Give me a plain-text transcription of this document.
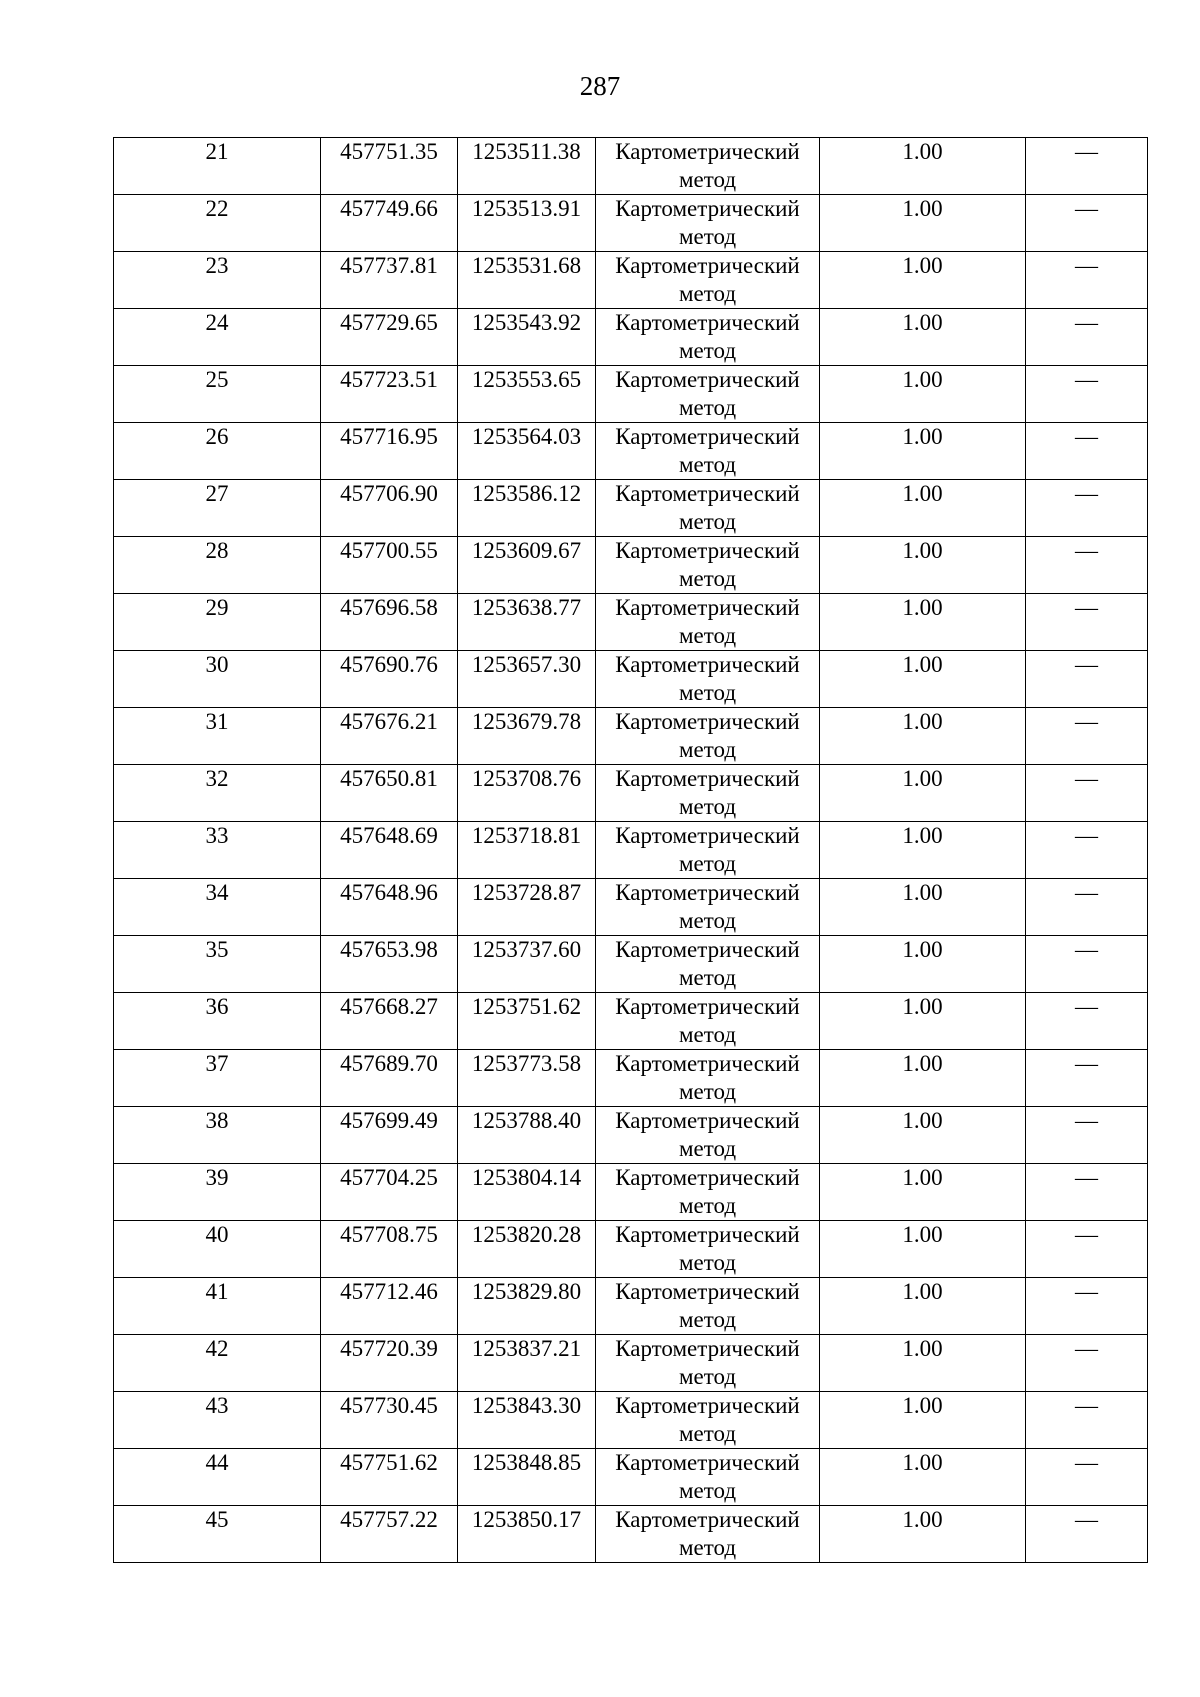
287
21	457751.35	1253511.38	Картометрический метод	1.00	—
22	457749.66	1253513.91	Картометрический метод	1.00	—
23	457737.81	1253531.68	Картометрический метод	1.00	—
24	457729.65	1253543.92	Картометрический метод	1.00	—
25	457723.51	1253553.65	Картометрический метод	1.00	—
26	457716.95	1253564.03	Картометрический метод	1.00	—
27	457706.90	1253586.12	Картометрический метод	1.00	—
28	457700.55	1253609.67	Картометрический метод	1.00	—
29	457696.58	1253638.77	Картометрический метод	1.00	—
30	457690.76	1253657.30	Картометрический метод	1.00	—
31	457676.21	1253679.78	Картометрический метод	1.00	—
32	457650.81	1253708.76	Картометрический метод	1.00	—
33	457648.69	1253718.81	Картометрический метод	1.00	—
34	457648.96	1253728.87	Картометрический метод	1.00	—
35	457653.98	1253737.60	Картометрический метод	1.00	—
36	457668.27	1253751.62	Картометрический метод	1.00	—
37	457689.70	1253773.58	Картометрический метод	1.00	—
38	457699.49	1253788.40	Картометрический метод	1.00	—
39	457704.25	1253804.14	Картометрический метод	1.00	—
40	457708.75	1253820.28	Картометрический метод	1.00	—
41	457712.46	1253829.80	Картометрический метод	1.00	—
42	457720.39	1253837.21	Картометрический метод	1.00	—
43	457730.45	1253843.30	Картометрический метод	1.00	—
44	457751.62	1253848.85	Картометрический метод	1.00	—
45	457757.22	1253850.17	Картометрический метод	1.00	—
